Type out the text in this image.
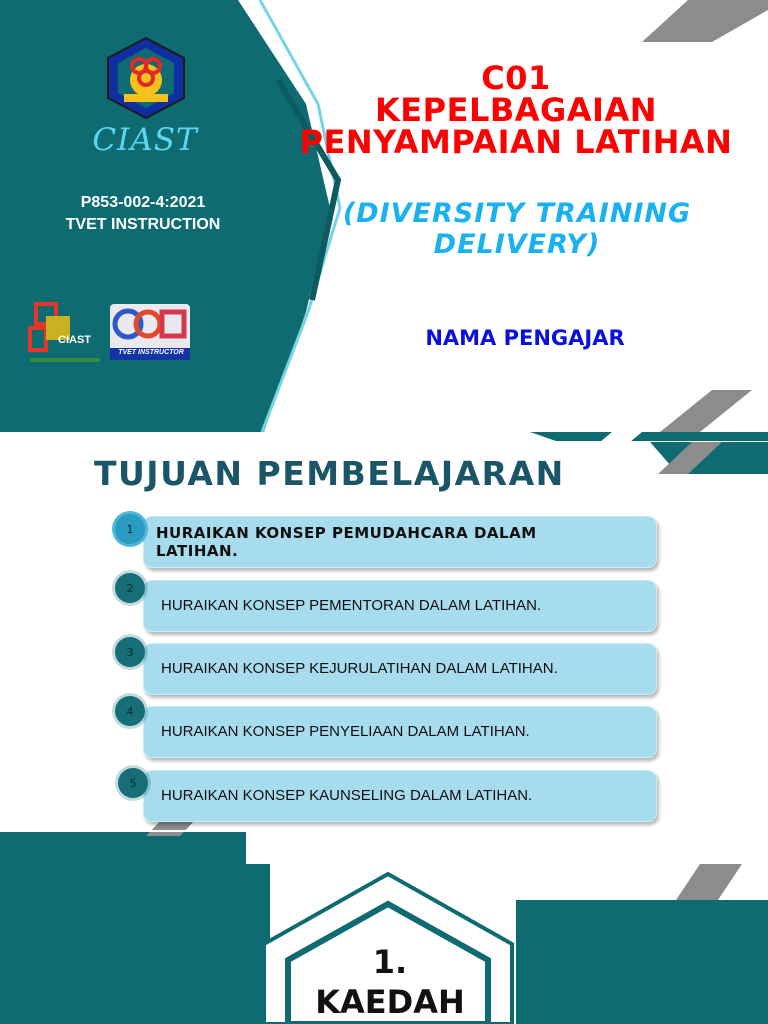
CIAST
P853-002-4:2021
TVET INSTRUCTION
CIAST
TVET INSTRUCTOR
C01
KEPELBAGAIAN
PENYAMPAIAN LATIHAN
(DIVERSITY TRAINING
DELIVERY)
NAMA PENGAJAR
TUJUAN PEMBELAJARAN
HURAIKAN KONSEP PEMUDAHCARA DALAM
LATIHAN.
1
HURAIKAN KONSEP PEMENTORAN DALAM LATIHAN.
2
HURAIKAN KONSEP KEJURULATIHAN DALAM LATIHAN.
3
HURAIKAN KONSEP PENYELIAAN DALAM LATIHAN.
4
HURAIKAN KONSEP KAUNSELING DALAM LATIHAN.
5
1.
KAEDAH
